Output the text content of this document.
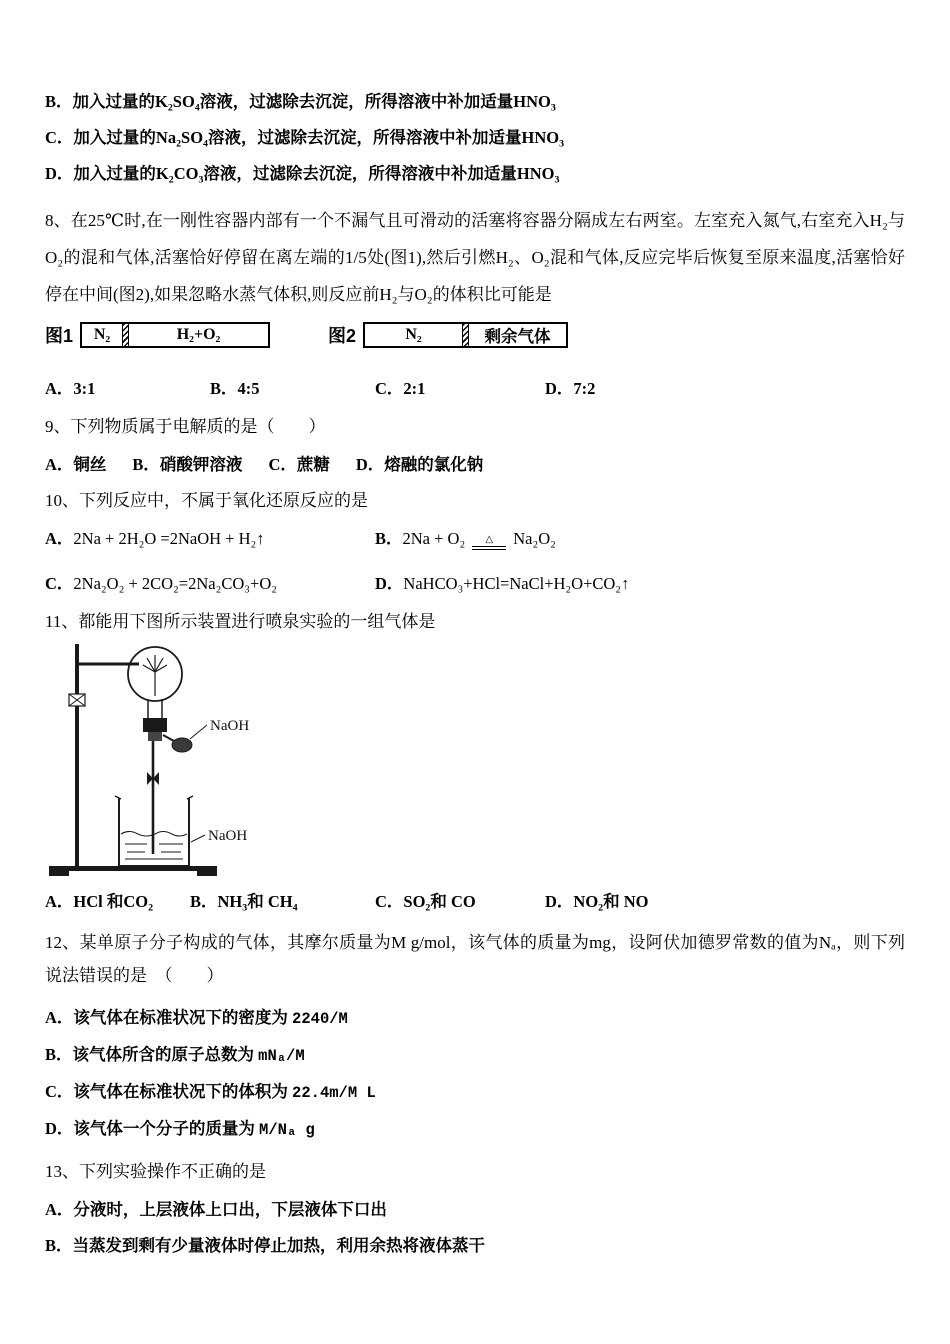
B．加入过量的K₂SO₄溶液，过滤除去沉淀，所得溶液中补加适量HNO₃
C．加入过量的Na₂SO₄溶液，过滤除去沉淀，所得溶液中补加适量HNO₃
D．加入过量的K₂CO₃溶液，过滤除去沉淀，所得溶液中补加适量HNO₃

8、在25℃时,在一刚性容器内部有一个不漏气且可滑动的活塞将容器分隔成左右两室。左室充入氮气,右室充入H₂与O₂的混和气体,活塞恰好停留在离左端的1/5处(图1),然后引燃H₂、O₂混和气体,反应完毕后恢复至原来温度,活塞恰好停在中间(图2),如果忽略水蒸气体积,则反应前H₂与O₂的体积比可能是

图1	N₂	H₂+O₂	图2	N₂	剩余气体
A．3:1	B．4:5	C．2:1	D．7:2

9、下列物质属于电解质的是（　　）

A．铜丝 B．硝酸钾溶液 C．蔗糖 D．熔融的氯化钠

10、下列反应中，不属于氧化还原反应的是

A．2Na + 2H₂O =2NaOH + H₂↑	B．2Na + O₂	△	Na₂O₂
C．2Na₂O₂ + 2CO₂=2Na₂CO₃+O₂	D．NaHCO₃+HCl=NaCl+H₂O+CO₂↑

11、都能用下图所示装置进行喷泉实验的一组气体是

NaOH
NaOH
A．HCl 和CO₂	B．NH₃和 CH₄	C．SO₂和 CO	D．NO₂和 NO

12、某单原子分子构成的气体，其摩尔质量为M g/mol，该气体的质量为mg，设阿伏加德罗常数的值为Nₐ，则下列说法错误的是　（　　）

A．该气体在标准状况下的密度为 2240/M
B．该气体所含的原子总数为 mNₐ/M
C．该气体在标准状况下的体积为 22.4m/M L
D．该气体一个分子的质量为 M/Nₐ g

13、下列实验操作不正确的是

A．分液时，上层液体上口出，下层液体下口出
B．当蒸发到剩有少量液体时停止加热，利用余热将液体蒸干
